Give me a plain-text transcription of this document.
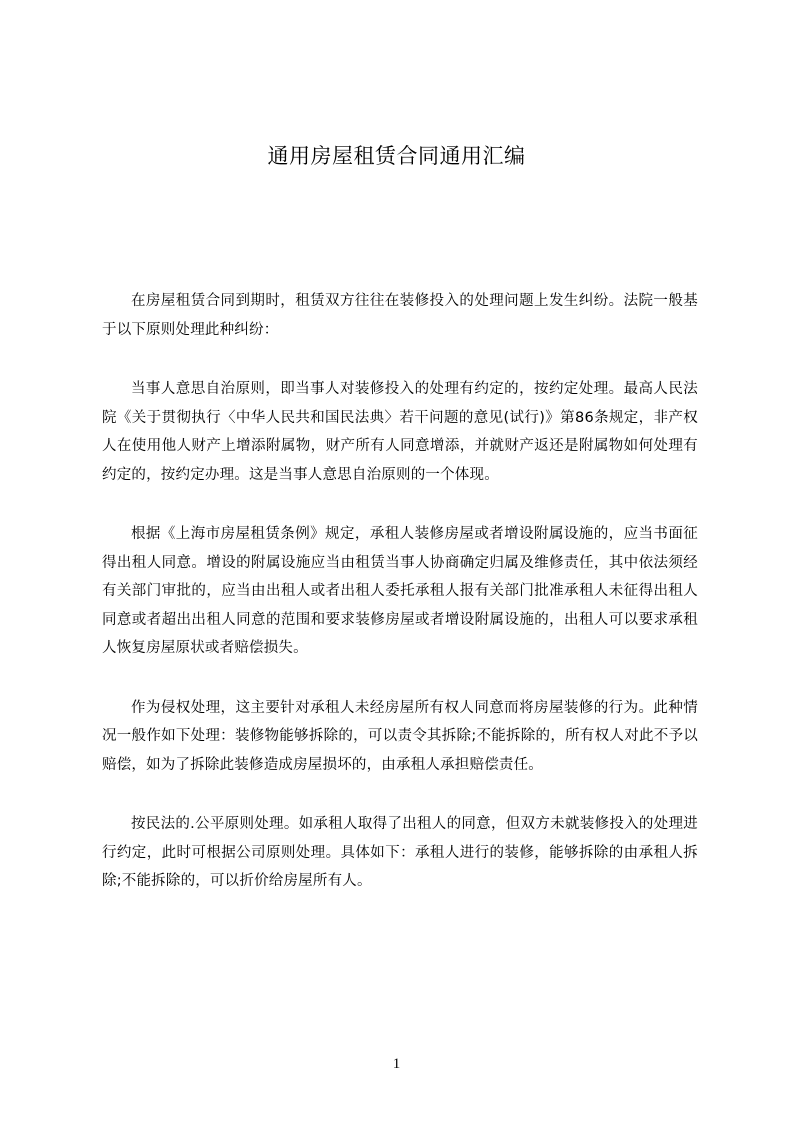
通用房屋租赁合同通用汇编

在房屋租赁合同到期时，租赁双方往往在装修投入的处理问题上发生纠纷。法院一般基于以下原则处理此种纠纷：

当事人意思自治原则，即当事人对装修投入的处理有约定的，按约定处理。最高人民法院《关于贯彻执行〈中华人民共和国民法典〉若干问题的意见(试行)》第86条规定，非产权人在使用他人财产上增添附属物，财产所有人同意增添，并就财产返还是附属物如何处理有约定的，按约定办理。这是当事人意思自治原则的一个体现。

根据《上海市房屋租赁条例》规定，承租人装修房屋或者增设附属设施的，应当书面征得出租人同意。增设的附属设施应当由租赁当事人协商确定归属及维修责任，其中依法须经有关部门审批的，应当由出租人或者出租人委托承租人报有关部门批准承租人未征得出租人同意或者超出出租人同意的范围和要求装修房屋或者增设附属设施的，出租人可以要求承租人恢复房屋原状或者赔偿损失。

作为侵权处理，这主要针对承租人未经房屋所有权人同意而将房屋装修的行为。此种情况一般作如下处理：装修物能够拆除的，可以责令其拆除;不能拆除的，所有权人对此不予以赔偿，如为了拆除此装修造成房屋损坏的，由承租人承担赔偿责任。

按民法的.公平原则处理。如承租人取得了出租人的同意，但双方未就装修投入的处理进行约定，此时可根据公司原则处理。具体如下：承租人进行的装修，能够拆除的由承租人拆除;不能拆除的，可以折价给房屋所有人。

1
